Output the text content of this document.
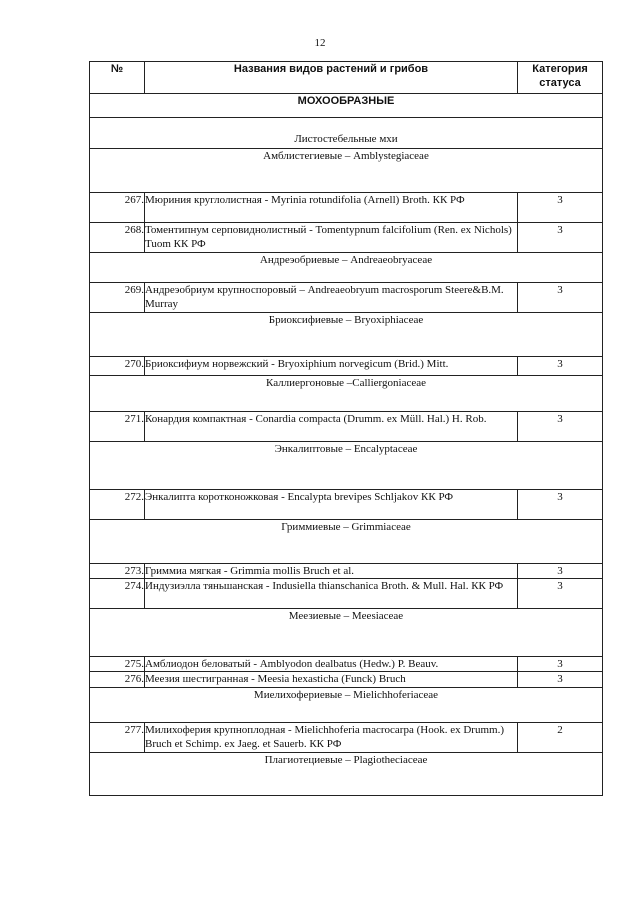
12
№	Названия видов растений и грибов	Категория статуса
МОХООБРАЗНЫЕ		
Листостебельные мхи		
Амблистегиевые – Amblystegiaceae		
267.	Мюриния круглолистная - Myrinia rotundifolia (Arnell) Broth. КК РФ	3
268.	Томентипнум серповиднолистный - Tomentypnum falcifolium (Ren. ex Nichols) Tuom КК РФ	3
Андреэобриевые – Andreaeobryaceae		
269.	Андреэобриум крупноспоровый – Andreaeobryum macrosporum Steere&B.M. Murray	3
Бриоксифиевые – Bryoxiphiaceae		
270.	Бриоксифиум норвежский - Bryoxiphium norvegicum (Brid.) Mitt.	3
Каллиергоновые –Calliergoniaceae		
271.	Конардия компактная - Conardia compacta (Drumm. ex Müll. Hal.) H. Rob.	3
Энкалиптовые – Encalyptaceae		
272.	Энкалипта коротконожковая - Encalypta brevipes Schljakov КК РФ	3
Гриммиевые – Grimmiaceae		
273.	Гриммиа мягкая - Grimmia mollis Bruch et al.	3
274.	Индузиэлла тяньшанская - Indusiella thianschanica Broth. & Mull. Hal. КК РФ	3
Меезиевые – Meesiaceae		
275.	Амблиодон беловатый - Amblyodon dealbatus (Hedw.) P. Beauv.	3
276.	Меезия шестигранная - Meesia hexasticha (Funck) Bruch	3
Миелихофериевые – Mielichhoferiaceae		
277.	Милихоферия крупноплодная - Mielichhoferia macrocarpa (Hook. ex Drumm.) Bruch et Schimp. ex Jaeg. et Sauerb. КК РФ	2
Плагиотециевые – Plagiotheciaceae		
